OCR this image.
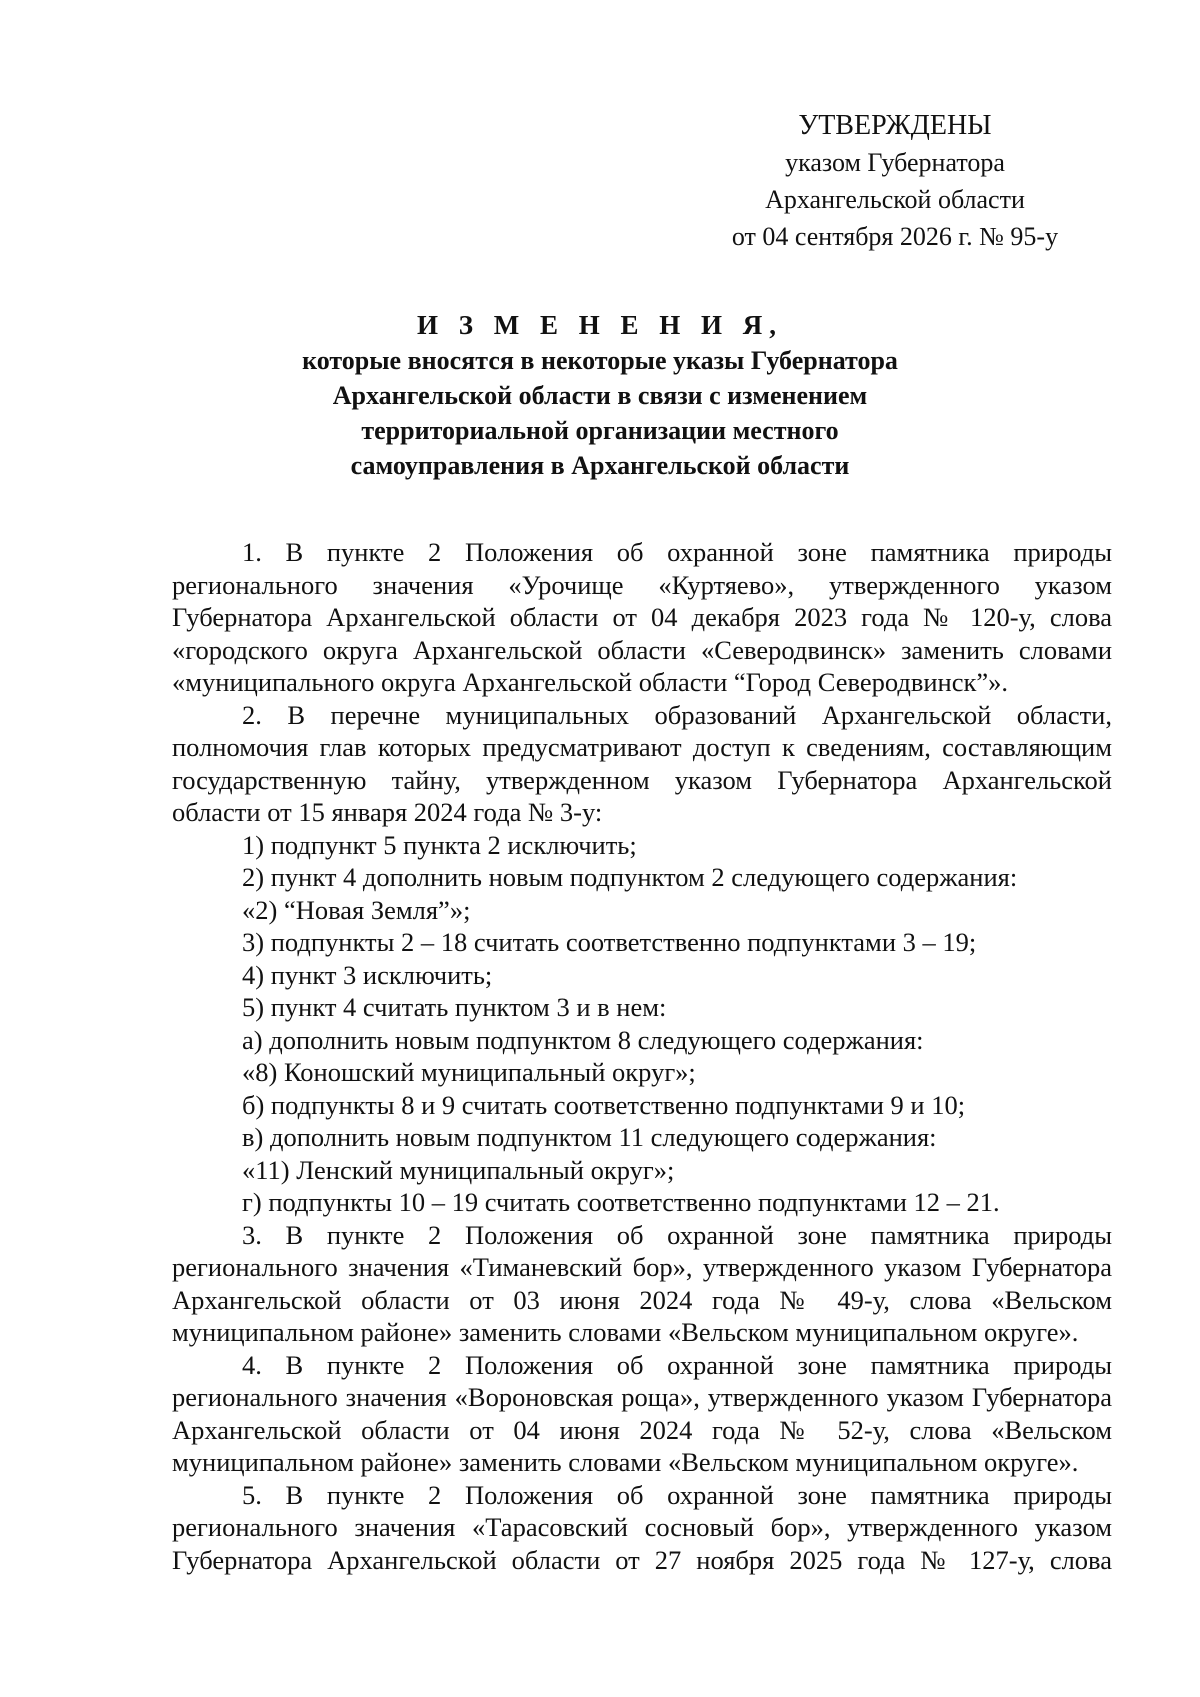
УТВЕРЖДЕНЫ
указом Губернатора
Архангельской области
от 04 сентября 2026 г. № 95-у
И З М Е Н Е Н И Я,
которые вносятся в некоторые указы Губернатора
Архангельской области в связи с изменением
территориальной организации местного
самоуправления в Архангельской области

1. В пункте 2 Положения об охранной зоне памятника природы регионального значения «Урочище «Куртяево», утвержденного указом Губернатора Архангельской области от 04 декабря 2023 года № 120-у, слова «городского округа Архангельской области «Северодвинск» заменить словами «муниципального округа Архангельской области “Город Северодвинск”».

2. В перечне муниципальных образований Архангельской области, полномочия глав которых предусматривают доступ к сведениям, составляющим государственную тайну, утвержденном указом Губернатора Архангельской области от 15 января 2024 года № 3-у:

1) подпункт 5 пункта 2 исключить;

2) пункт 4 дополнить новым подпунктом 2 следующего содержания:

«2) “Новая Земля”»;

3) подпункты 2 – 18 считать соответственно подпунктами 3 – 19;

4) пункт 3 исключить;

5) пункт 4 считать пунктом 3 и в нем:

а) дополнить новым подпунктом 8 следующего содержания:

«8) Коношский муниципальный округ»;

б) подпункты 8 и 9 считать соответственно подпунктами 9 и 10;

в) дополнить новым подпунктом 11 следующего содержания:

«11) Ленский муниципальный округ»;

г) подпункты 10 – 19 считать соответственно подпунктами 12 – 21.

3. В пункте 2 Положения об охранной зоне памятника природы регионального значения «Тиманевский бор», утвержденного указом Губернатора Архангельской области от 03 июня 2024 года № 49-у, слова «Вельском муниципальном районе» заменить словами «Вельском муниципальном округе».

4. В пункте 2 Положения об охранной зоне памятника природы регионального значения «Вороновская роща», утвержденного указом Губернатора Архангельской области от 04 июня 2024 года № 52-у, слова «Вельском муниципальном районе» заменить словами «Вельском муниципальном округе».

5. В пункте 2 Положения об охранной зоне памятника природы регионального значения «Тарасовский сосновый бор», утвержденного указом Губернатора Архангельской области от 27 ноября 2025 года № 127-у, слова
